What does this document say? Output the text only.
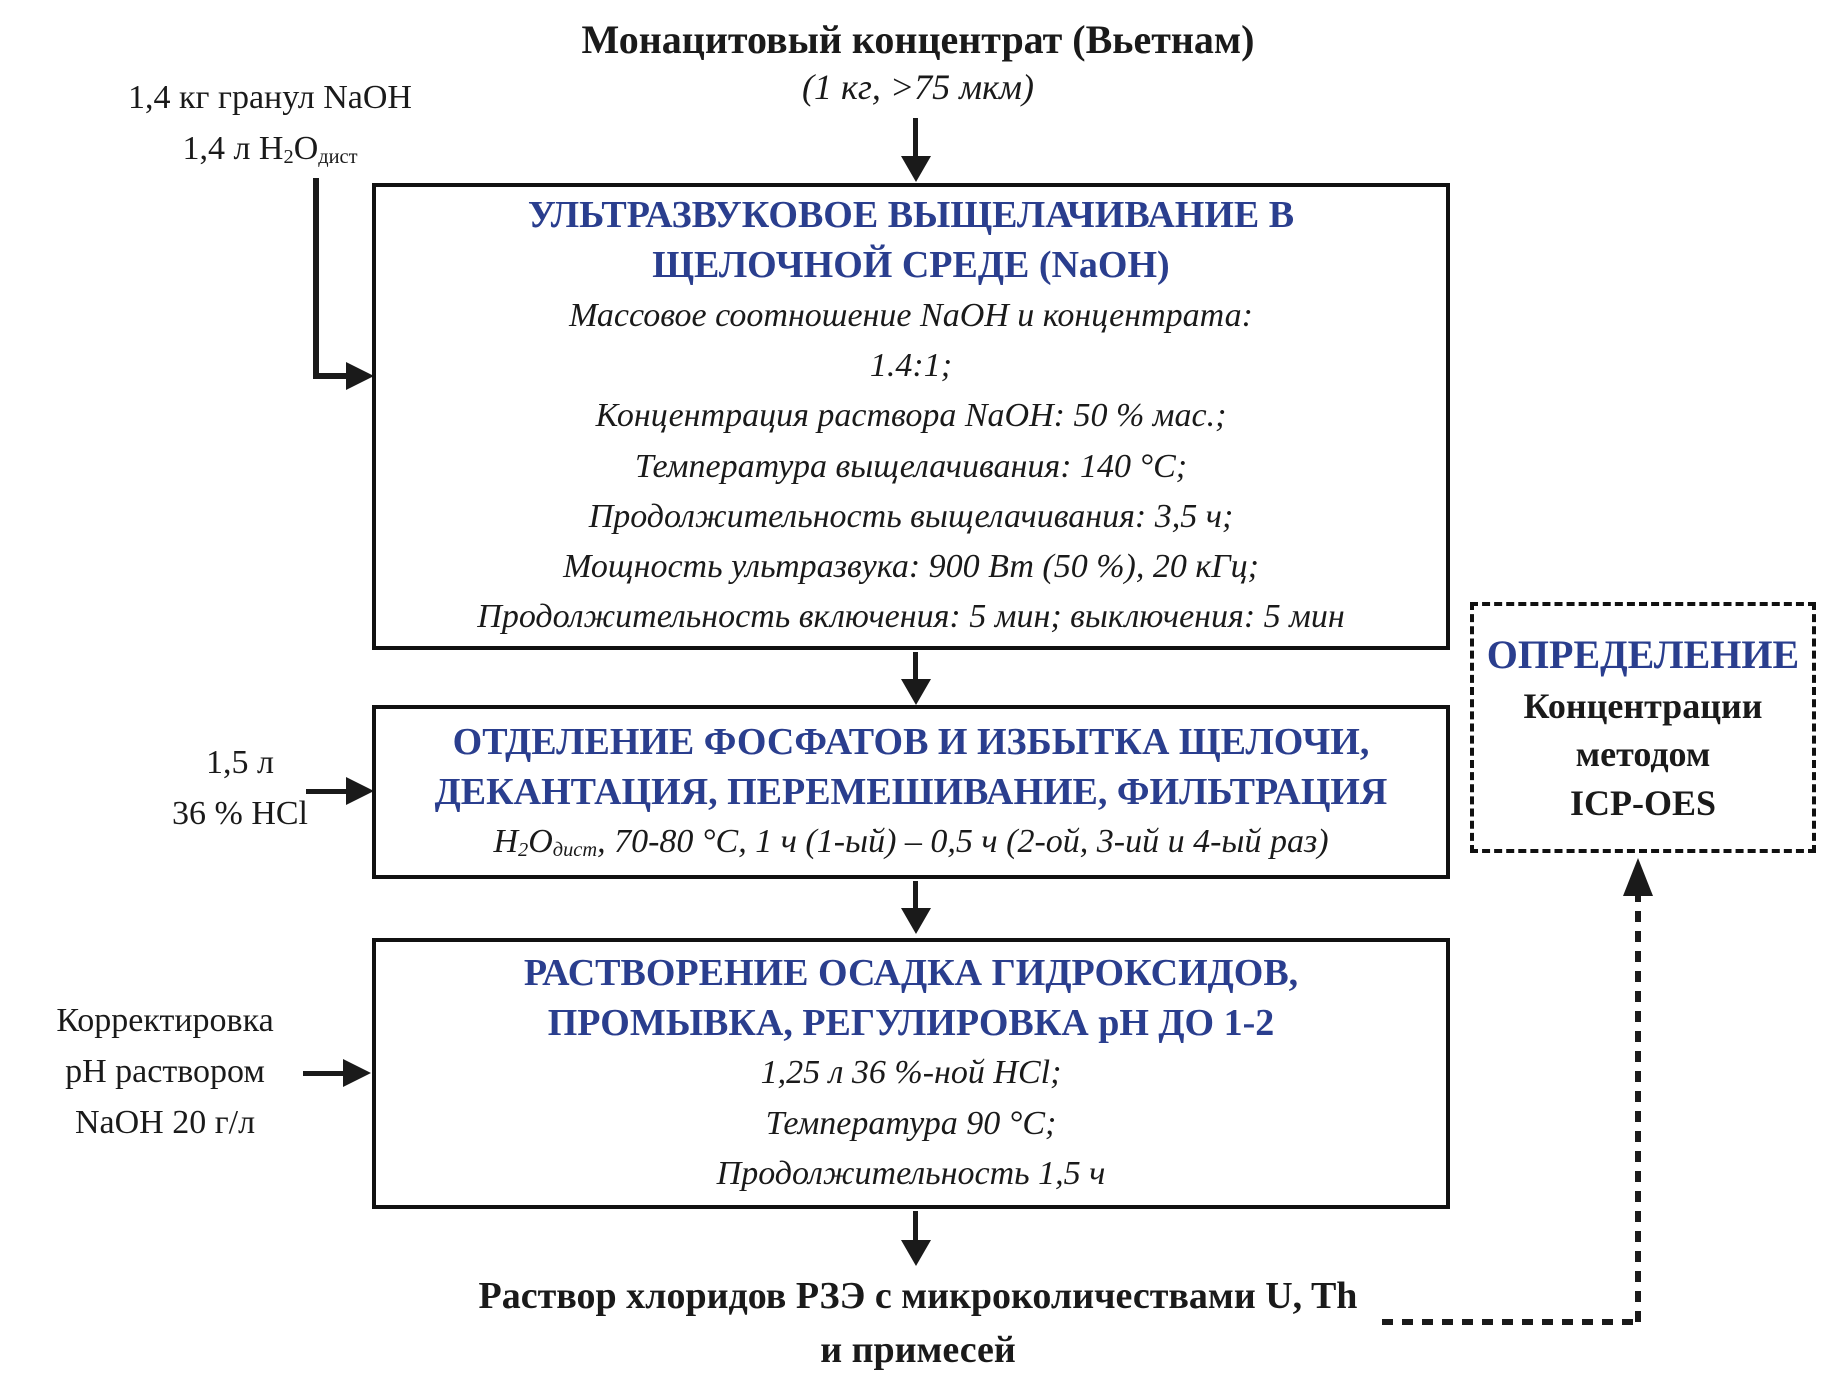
Монацитовый концентрат (Вьетнам)
(1 кг, >75 мкм)
1,4 кг гранул NaOH
1,4 л H2Oдист

УЛЬТРАЗВУКОВОЕ ВЫЩЕЛАЧИВАНИЕ В

ЩЕЛОЧНОЙ СРЕДЕ (NaOH)

Массовое соотношение NaOH и концентрата:

1.4:1;

Концентрация раствора NaOH: 50 % мас.;

Температура выщелачивания: 140 °C;

Продолжительность выщелачивания: 3,5 ч;

Мощность ультразвука: 900 Вт (50 %), 20 кГц;

Продолжительность включения: 5 мин; выключения: 5 мин

1,5 л
36 % HCl

ОТДЕЛЕНИЕ ФОСФАТОВ И ИЗБЫТКА ЩЕЛОЧИ,

ДЕКАНТАЦИЯ, ПЕРЕМЕШИВАНИЕ, ФИЛЬТРАЦИЯ

H2Oдист, 70-80 °C, 1 ч (1-ый) – 0,5 ч (2-ой, 3-ий и 4-ый раз)

Корректировка
pH раствором
NaOH 20 г/л

РАСТВОРЕНИЕ ОСАДКА ГИДРОКСИДОВ,

ПРОМЫВКА, РЕГУЛИРОВКА pH ДО 1-2

1,25 л 36 %-ной HCl;

Температура 90 °C;

Продолжительность 1,5 ч

ОПРЕДЕЛЕНИЕ

Концентрации

методом

ICP-OES

Раствор хлоридов РЗЭ с микроколичествами U, Th
и примесей
